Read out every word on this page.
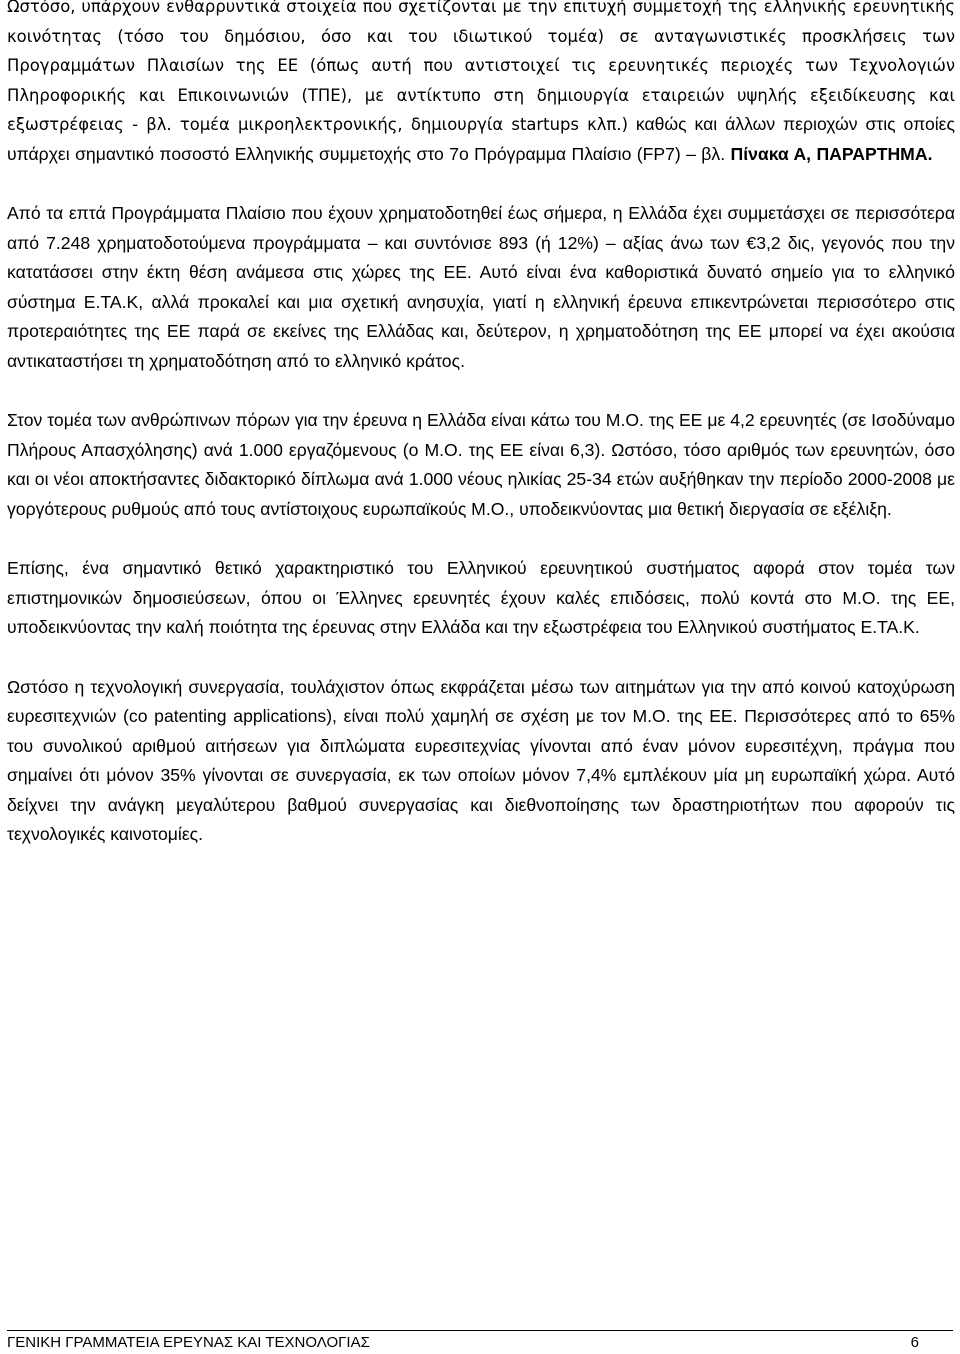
Ωστόσο, υπάρχουν ενθαρρυντικά στοιχεία που σχετίζονται με την επιτυχή συμμετοχή της ελληνικής ερευνητικής κοινότητας (τόσο του δημόσιου, όσο και του ιδιωτικού τομέα) σε ανταγωνιστικές προσκλήσεις των Προγραμμάτων Πλαισίων της ΕΕ (όπως αυτή που αντιστοιχεί τις ερευνητικές περιοχές των Τεχνολογιών Πληροφορικής και Επικοινωνιών (ΤΠΕ), με αντίκτυπο στη δημιουργία εταιρειών υψηλής εξειδίκευσης και εξωστρέφειας - βλ. τομέα μικροηλεκτρονικής, δημιουργία startups κλπ.) καθώς και άλλων περιοχών στις οποίες υπάρχει σημαντικό ποσοστό Ελληνικής συμμετοχής στο 7ο Πρόγραμμα Πλαίσιο (FP7) – βλ. Πίνακα Α, ΠΑΡΑΡΤΗΜΑ.

Από τα επτά Προγράμματα Πλαίσιο που έχουν χρηματοδοτηθεί έως σήμερα, η Ελλάδα έχει συμμετάσχει σε περισσότερα από 7.248 χρηματοδοτούμενα προγράμματα – και συντόνισε 893 (ή 12%) – αξίας άνω των €3,2 δις, γεγονός που την κατατάσσει στην έκτη θέση ανάμεσα στις χώρες της ΕΕ. Αυτό είναι ένα καθοριστικά δυνατό σημείο για το ελληνικό σύστημα Ε.ΤΑ.Κ, αλλά προκαλεί και μια σχετική ανησυχία, γιατί η ελληνική έρευνα επικεντρώνεται περισσότερο στις προτεραιότητες της ΕΕ παρά σε εκείνες της Ελλάδας και, δεύτερον, η χρηματοδότηση της ΕΕ μπορεί να έχει ακούσια αντικαταστήσει τη χρηματοδότηση από το ελληνικό κράτος.

Στον τομέα των ανθρώπινων πόρων για την έρευνα η Ελλάδα είναι κάτω του Μ.Ο. της ΕΕ με 4,2 ερευνητές (σε Ισοδύναμο Πλήρους Απασχόλησης) ανά 1.000 εργαζόμενους (ο Μ.Ο. της ΕΕ είναι 6,3). Ωστόσο, τόσο αριθμός των ερευνητών, όσο και οι νέοι αποκτήσαντες διδακτορικό δίπλωμα ανά 1.000 νέους ηλικίας 25-34 ετών αυξήθηκαν την περίοδο 2000-2008 με γοργότερους ρυθμούς από τους αντίστοιχους ευρωπαϊκούς Μ.Ο., υποδεικνύοντας μια θετική διεργασία σε εξέλιξη.

Επίσης, ένα σημαντικό θετικό χαρακτηριστικό του Ελληνικού ερευνητικού συστήματος αφορά στον τομέα των επιστημονικών δημοσιεύσεων, όπου οι Έλληνες ερευνητές έχουν καλές επιδόσεις, πολύ κοντά στο Μ.Ο. της ΕΕ, υποδεικνύοντας την καλή ποιότητα της έρευνας στην Ελλάδα και την εξωστρέφεια του Ελληνικού συστήματος Ε.ΤΑ.Κ.

Ωστόσο η τεχνολογική συνεργασία, τουλάχιστον όπως εκφράζεται μέσω των αιτημάτων για την από κοινού κατοχύρωση ευρεσιτεχνιών (co patenting applications), είναι πολύ χαμηλή σε σχέση με τον Μ.Ο. της ΕΕ. Περισσότερες από το 65% του συνολικού αριθμού αιτήσεων για διπλώματα ευρεσιτεχνίας γίνονται από έναν μόνον ευρεσιτέχνη, πράγμα που σημαίνει ότι μόνον 35% γίνονται σε συνεργασία, εκ των οποίων μόνον 7,4% εμπλέκουν μία μη ευρωπαϊκή χώρα. Αυτό δείχνει την ανάγκη μεγαλύτερου βαθμού συνεργασίας και διεθνοποίησης των δραστηριοτήτων που αφορούν τις τεχνολογικές καινοτομίες.

ΓΕΝΙΚΗ ΓΡΑΜΜΑΤΕΙΑ ΕΡΕΥΝΑΣ ΚΑΙ ΤΕΧΝΟΛΟΓΙΑΣ	6
